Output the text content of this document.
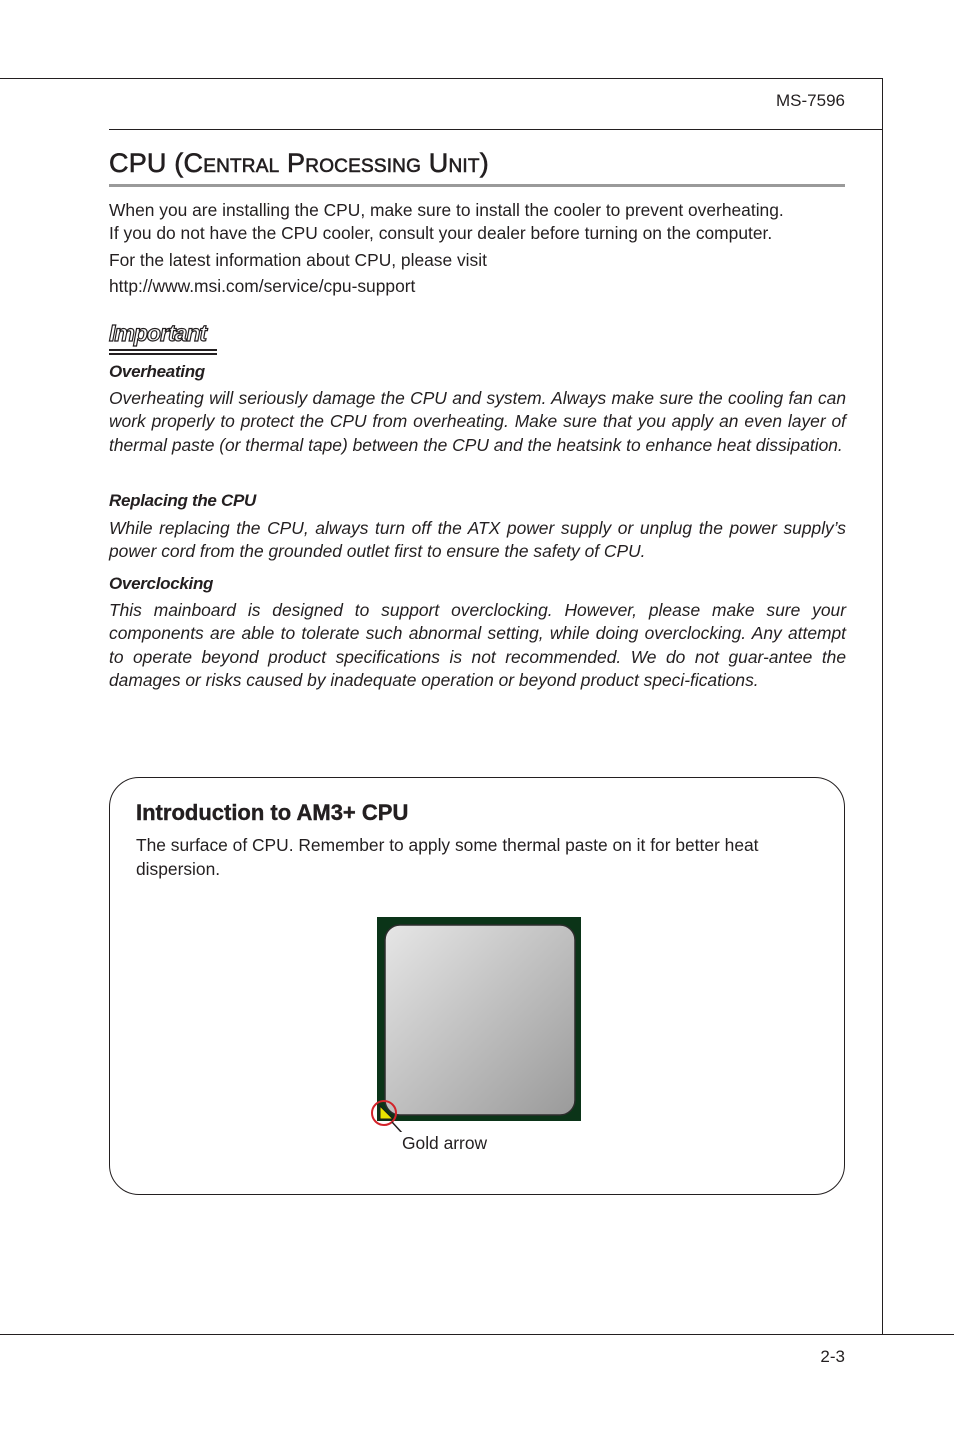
MS-7596
CPU (Central Processing Unit)

When you are installing the CPU, make sure to install the cooler to prevent overheating.
If you do not have the CPU cooler, consult your dealer before turning on the computer.

For the latest information about CPU, please visit

http://www.msi.com/service/cpu-support

Important
Overheating

Overheating will seriously damage the CPU and system. Always make sure the cooling fan can work properly to protect the CPU from overheating. Make sure that you apply an even layer of thermal paste (or thermal tape) between the CPU and the heatsink to enhance heat dissipation.

Replacing the CPU

While replacing the CPU, always turn off the ATX power supply or unplug the power supply’s power cord from the grounded outlet first to ensure the safety of CPU.

Overclocking

This mainboard is designed to support overclocking. However, please make sure your components are able to tolerate such abnormal setting, while doing overclocking. Any attempt to operate beyond product specifications is not recommended. We do not guar-antee the damages or risks caused by inadequate operation or beyond product speci-fications.

Introduction to AM3+ CPU

The surface of CPU. Remember to apply some thermal paste on it for better heat dispersion.

Gold arrow
2-3
